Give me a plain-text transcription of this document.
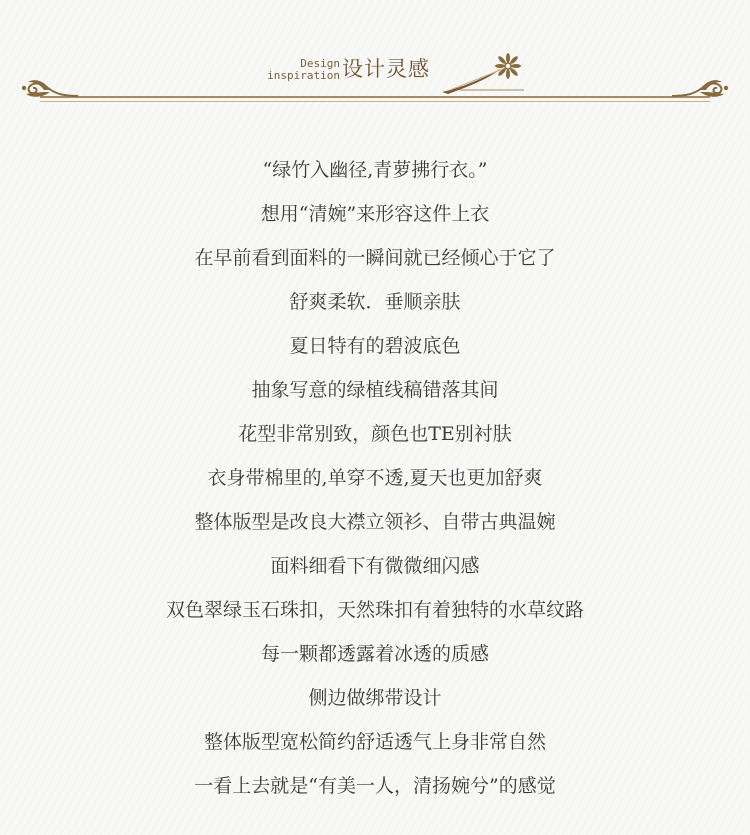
Design
inspiration 设计灵感
“绿竹入幽径,青萝拂行衣。”
想用“清婉”来形容这件上衣
在早前看到面料的一瞬间就已经倾心于它了
舒爽柔软．垂顺亲肤
夏日特有的碧波底色
抽象写意的绿植线稿错落其间
花型非常别致，颜色也TE别衬肤
衣身带棉里的,单穿不透,夏天也更加舒爽
整体版型是改良大襟立领衫、自带古典温婉
面料细看下有微微细闪感
双色翠绿玉石珠扣，天然珠扣有着独特的水草纹路
每一颗都透露着冰透的质感
侧边做绑带设计
整体版型宽松简约舒适透气上身非常自然
一看上去就是“有美一人，清扬婉兮”的感觉
